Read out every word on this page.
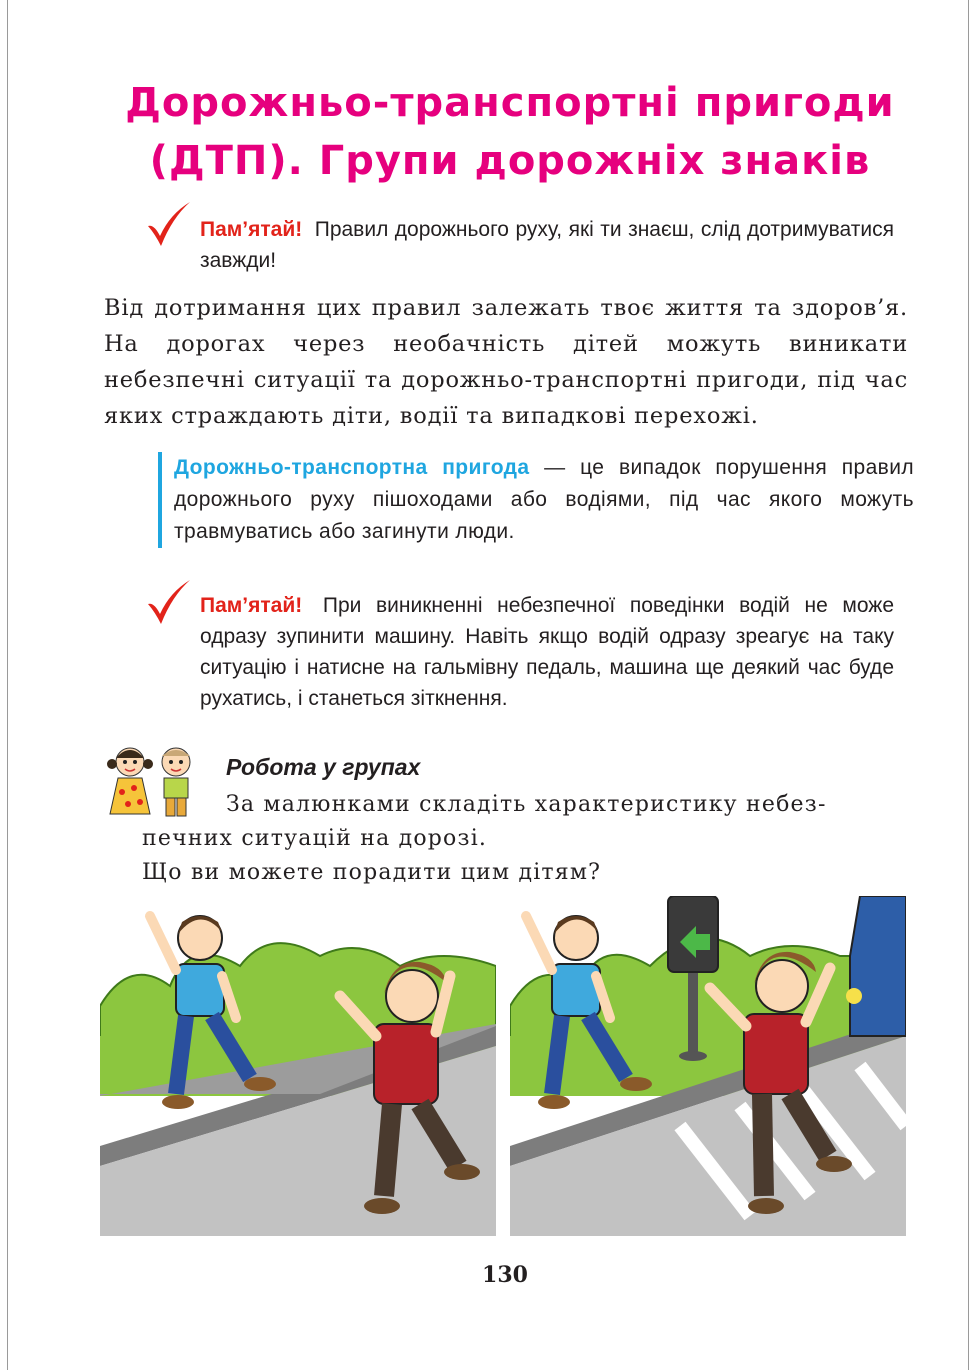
Дорожньо-транспортні пригоди
(ДТП). Групи дорожніх знаків
Пам’ятай! Правил дорожнього руху, які ти знаєш, слід дотримуватися завжди!
Від дотримання цих правил залежать твоє життя та здоров’я. На дорогах через необачність дітей можуть виникати небезпечні ситуації та дорожньо-транспортні пригоди, під час яких страждають діти, водії та випадкові перехожі.
Дорожньо-транспортна пригода — це випадок порушення правил дорожнього руху пішоходами або водіями, під час якого можуть травмуватись або загинути люди.
Пам’ятай! При виникненні небезпечної поведінки водій не може одразу зупинити машину. Навіть якщо водій одразу зреагує на таку ситуацію і натисне на гальмівну педаль, машина ще деякий час буде рухатись, і станеться зіткнення.
Робота у групах
За малюнками складіть характеристику небез-
печних ситуацій на дорозі.
Що ви можете порадити цим дітям?
130
